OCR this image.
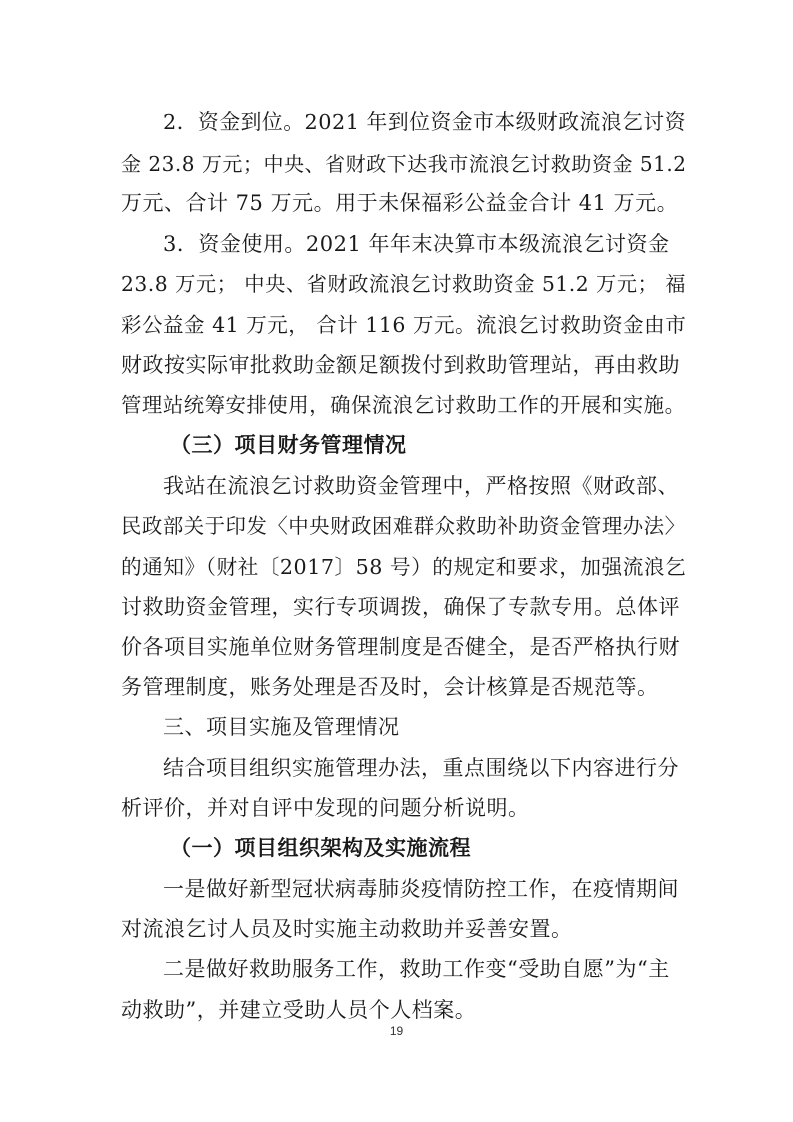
2．资金到位。2021 年到位资金市本级财政流浪乞讨资
金 23.8 万元；中央、省财政下达我市流浪乞讨救助资金 51.2
万元、合计 75 万元。用于未保福彩公益金合计 41 万元。
3．资金使用。2021 年年末决算市本级流浪乞讨资金
23.8 万元； 中央、省财政流浪乞讨救助资金 51.2 万元； 福
彩公益金 41 万元， 合计 116 万元。流浪乞讨救助资金由市
财政按实际审批救助金额足额拨付到救助管理站，再由救助
管理站统筹安排使用，确保流浪乞讨救助工作的开展和实施。
（三）项目财务管理情况
我站在流浪乞讨救助资金管理中，严格按照《财政部、
民政部关于印发〈中央财政困难群众救助补助资金管理办法〉
的通知》（财社〔2017〕58 号）的规定和要求，加强流浪乞
讨救助资金管理，实行专项调拨，确保了专款专用。总体评
价各项目实施单位财务管理制度是否健全，是否严格执行财
务管理制度，账务处理是否及时，会计核算是否规范等。
三、项目实施及管理情况
结合项目组织实施管理办法，重点围绕以下内容进行分
析评价，并对自评中发现的问题分析说明。
（一）项目组织架构及实施流程
一是做好新型冠状病毒肺炎疫情防控工作，在疫情期间
对流浪乞讨人员及时实施主动救助并妥善安置。
二是做好救助服务工作，救助工作变“受助自愿”为“主
动救助”，并建立受助人员个人档案。
19
